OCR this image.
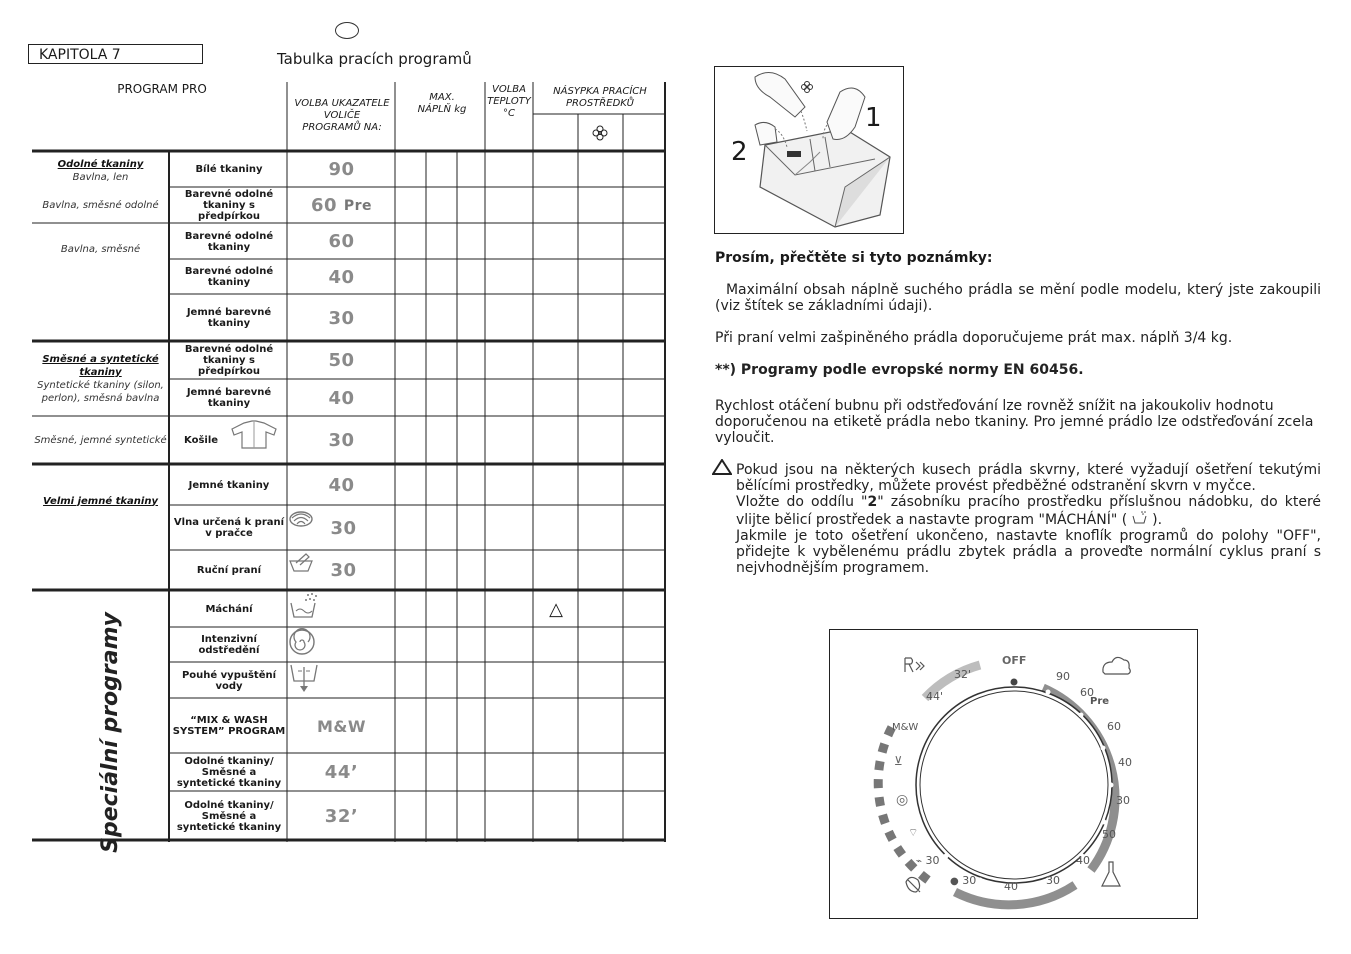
KAPITOLA 7	Tabulka pracích programů
PROGRAM PRO
VOLBA UKAZATELE VOLIČE PROGRAMŮ NA:
MAX. NÁPLŇ kg
VOLBA TEPLOTY °C
NÁSYPKA PRACÍCH PROSTŘEDKŮ
Odolné tkaniny
Bavlna, len
Bavlna, směsné odolné
Bavlna, směsné
Směsné a syntetické tkaniny
Syntetické tkaniny (silon, perlon), směsná bavlna
Směsné, jemné syntetické
Velmi jemné tkaniny
Speciální programy
Bílé tkaniny
Barevné odolné tkaniny s předpírkou
Barevné odolné tkaniny
Barevné odolné tkaniny
Jemné barevné tkaniny
Barevné odolné tkaniny s předpírkou
Jemné barevné tkaniny
Košile
Jemné tkaniny
Vlna určená k praní v pračce
Ruční praní
Máchání
Intenzivní odstředění
Pouhé vypuštění vody
“MIX & WASH SYSTEM” PROGRAM
Odolné tkaniny/ Směsné a syntetické tkaniny
Odolné tkaniny/ Směsné a syntetické tkaniny
90
60
Pre
60
40
30
50
40
30
40
30
30
M&W
44’
32’
△
1
2
Prosím, přečtěte si tyto poznámky:
Maximální obsah náplně suchého prádla se mění podle modelu, který jste zakoupili (viz štítek se základními údaji).
Při praní velmi zašpiněného prádla doporučujeme prát max. náplň 3/4 kg.
**) Programy podle evropské normy EN 60456.
Rychlost otáčení bubnu při odstřeďování lze rovněž snížit na jakoukoliv hodnotu doporučenou na etiketě prádla nebo tkaniny. Pro jemné prádlo lze odstřeďování zcela vyloučit.
Pokud jsou na některých kusech prádla skvrny, které vyžadují ošetření tekutými bělícími prostředky, můžete provést předběžné odstranění skvrn v myčce.
Vložte do oddílu "2" zásobníku pracího prostředku příslušnou nádobku, do které vlijte bělicí prostředek a nastavte program "MÁCHÁNÍ" (  ).
Jakmile je toto ošetření ukončeno, nastavte knoflík programů do polohy "OFF", přidejte k vybělenému prádlu zbytek prádla a proveďte normální cyklus praní s nejvhodnějším programem.
OFF
90
60
Pre
60
40
30
50
40
30
40
● 30
⌁ 30
32'
44'
M&W
⊻
◎
⌔
